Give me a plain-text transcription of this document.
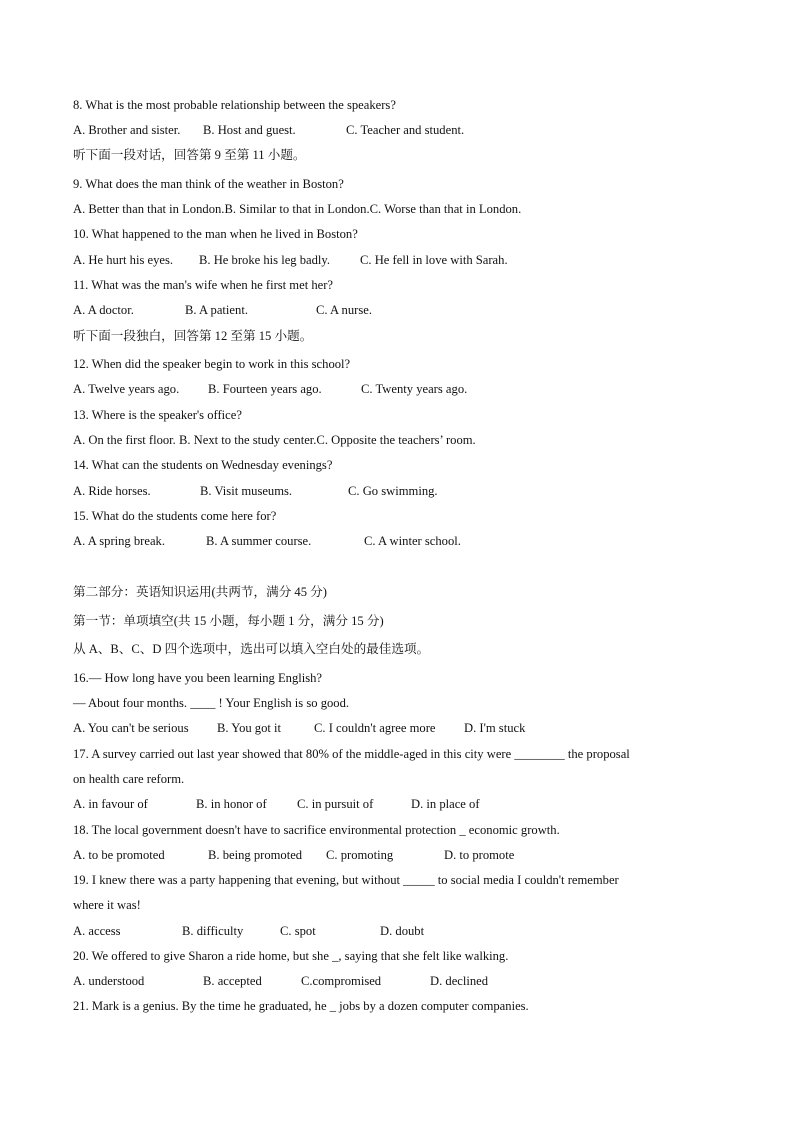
8. What is the most probable relationship between the speakers?
A. Brother and sister. B. Host and guest.	C. Teacher and student.
听下面一段对话，回答第 9 至第 11 小题。
9. What does the man think of the weather in Boston?
A. Better than that in London.B. Similar to that in London.C. Worse than that in London.
10. What happened to the man when he lived in Boston?
A. He hurt his eyes. B. He broke his leg badly. C. He fell in love with Sarah.
11. What was the man's wife when he first met her?
A. A doctor.	B. A patient.	C. A nurse.
听下面一段独白，回答第 12 至第 15 小题。
12. When did the speaker begin to work in this school?
A. Twelve years ago. B. Fourteen years ago.	C. Twenty years ago.
13. Where is the speaker's office?
A. On the first floor. B. Next to the study center.C. Opposite the teachers’ room.
14. What can the students on Wednesday evenings?
A. Ride horses.	B. Visit museums.	C. Go swimming.
15. What do the students come here for?
A. A spring break.	B. A summer course.	C. A winter school.
第二部分：英语知识运用(共两节，满分 45 分)
第一节：单项填空(共 15 小题，每小题 1 分，满分 15 分)
从 A、B、C、D 四个选项中，选出可以填入空白处的最佳选项。
16.— How long have you been learning English?
— About four months. ____ ! Your English is so good.
A. You can't be serious B. You got it	C. I couldn't agree more D. I'm stuck
17. A survey carried out last year showed that 80% of the middle-aged in this city were ________ the proposal
on health care reform.
A. in favour of	B. in honor of C. in pursuit of	D. in place of
18. The local government doesn't have to sacrifice environmental protection _ economic growth.
A. to be promoted	B. being promoted C. promoting	D. to promote
19. I knew there was a party happening that evening, but without _____ to social media I couldn't remember
where it was!
A. access	B. difficulty	C. spot	D. doubt
20. We offered to give Sharon a ride home, but she _, saying that she felt like walking.
A. understood	B. accepted	C.compromised	D. declined
21. Mark is a genius. By the time he graduated, he _ jobs by a dozen computer companies.
